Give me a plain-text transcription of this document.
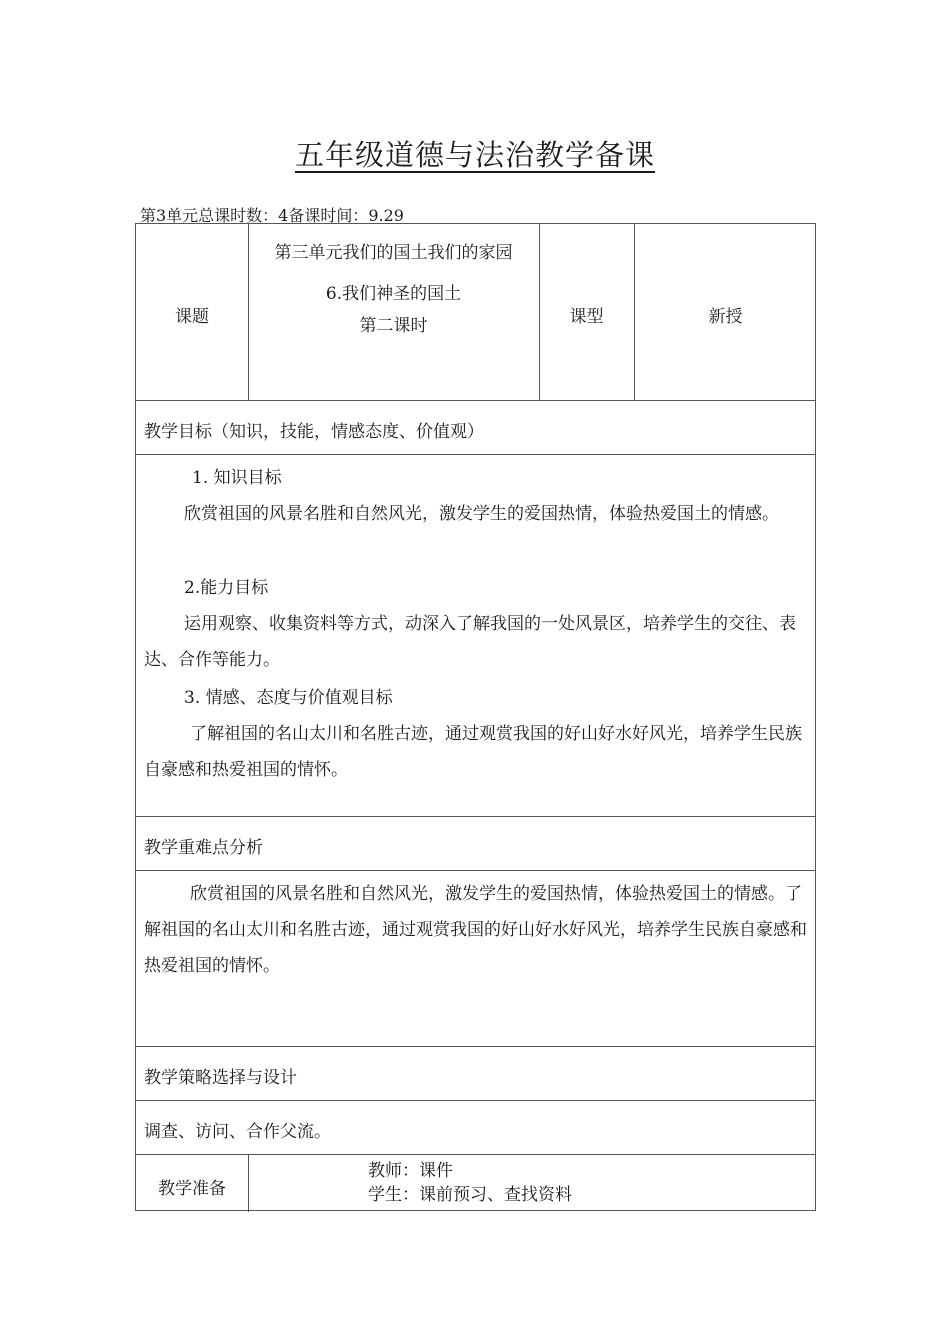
五年级道德与法治教学备课
第3单元总课时数：4备课时间：9.29
课题
第三单元我们的国土我们的家园
6.我们神圣的国土
第二课时	课型	新授
教学目标（知识，技能，情感态度、价值观）
1. 知识目标
欣赏祖国的风景名胜和自然风光，激发学生的爱国热情，体验热爱国土的情感。
2.能力目标
运用观察、收集资料等方式，动深入了解我国的一处风景区，培养学生的交往、表达、合作等能力。
3. 情感、态度与价值观目标
了解祖国的名山太川和名胜古迹，通过观赏我国的好山好水好风光，培养学生民族自豪感和热爱祖国的情怀。
教学重难点分析
欣赏祖国的风景名胜和自然风光，激发学生的爱国热情，体验热爱国土的情感。了解祖国的名山太川和名胜古迹，通过观赏我国的好山好水好风光，培养学生民族自豪感和热爱祖国的情怀。
教学策略选择与设计
调查、访问、合作父流。
教学准备
教师：课件
学生：课前预习、查找资料
